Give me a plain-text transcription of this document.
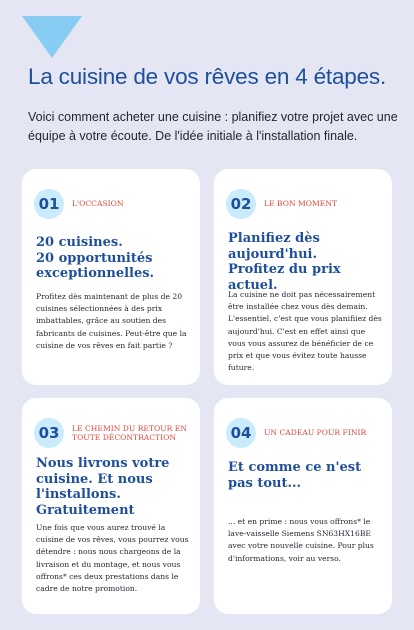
La cuisine de vos rêves en 4 étapes.

Voici comment acheter une cuisine : planifiez votre projet avec une équipe à votre écoute. De l'idée initiale à l'installation finale.

01	L'OCCASION
20 cuisines.
20 opportunités exceptionnelles.
Profitez dès maintenant de plus de 20 cuisines sélectionnées à des prix imbattables, grâce au soutien des fabricants de cuisines. Peut-être que la cuisine de vos rêves en fait partie ?
02	LE BON MOMENT
Planifiez dès aujourd'hui.
Profitez du prix actuel.
La cuisine ne doit pas nécessairement être installée chez vous dès demain. L'essentiel, c'est que vous planifiiez dès aujourd'hui. C'est en effet ainsi que vous vous assurez de bénéficier de ce prix et que vous évitez toute hausse future.
03	LE CHEMIN DU RETOUR EN TOUTE DÉCONTRACTION
Nous livrons votre cuisine. Et nous l'installons. Gratuitement
Une fois que vous aurez trouvé la cuisine de vos rêves, vous pourrez vous détendre : nous nous chargeons de la livraison et du montage, et nous vous offrons* ces deux prestations dans le cadre de notre promotion.
04	UN CADEAU POUR FINIR
Et comme ce n'est pas tout...
... et en prime : nous vous offrons* le lave-vaisselle Siemens SN63HX16BE avec votre nouvelle cuisine. Pour plus d'informations, voir au verso.
